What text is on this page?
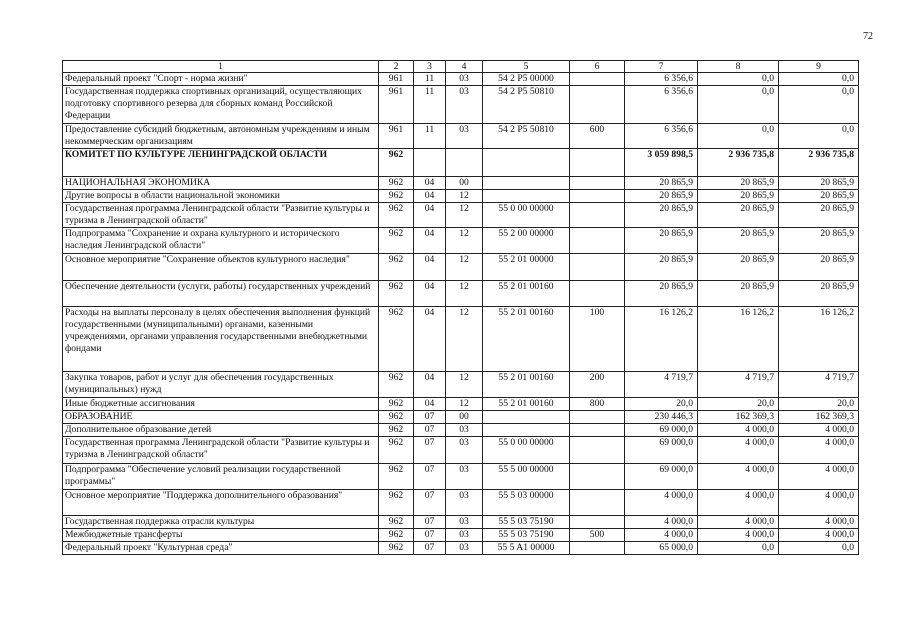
72
1	2	3	4	5	6	7	8	9
Федеральный проект "Спорт - норма жизни"	961	11	03	54 2 P5 00000		6 356,6	0,0	0,0
Государственная поддержка спортивных организаций, осуществляющих подготовку спортивного резерва для сборных команд Российской Федерации	961	11	03	54 2 P5 50810		6 356,6	0,0	0,0
Предоставление субсидий бюджетным, автономным учреждениям и иным некоммерческим организациям	961	11	03	54 2 P5 50810	600	6 356,6	0,0	0,0
КОМИТЕТ ПО КУЛЬТУРЕ ЛЕНИНГРАДСКОЙ ОБЛАСТИ	962					3 059 898,5	2 936 735,8	2 936 735,8
НАЦИОНАЛЬНАЯ ЭКОНОМИКА	962	04	00			20 865,9	20 865,9	20 865,9
Другие вопросы в области национальной экономики	962	04	12			20 865,9	20 865,9	20 865,9
Государственная программа Ленинградской области "Развитие культуры и туризма в Ленинградской области"	962	04	12	55 0 00 00000		20 865,9	20 865,9	20 865,9
Подпрограмма "Сохранение и охрана культурного и исторического наследия Ленинградской области"	962	04	12	55 2 00 00000		20 865,9	20 865,9	20 865,9
Основное мероприятие "Сохранение объектов культурного наследия"	962	04	12	55 2 01 00000		20 865,9	20 865,9	20 865,9
Обеспечение деятельности (услуги, работы) государственных учреждений	962	04	12	55 2 01 00160		20 865,9	20 865,9	20 865,9
Расходы на выплаты персоналу в целях обеспечения выполнения функций государственными (муниципальными) органами, казенными учреждениями, органами управления государственными внебюджетными фондами	962	04	12	55 2 01 00160	100	16 126,2	16 126,2	16 126,2
Закупка товаров, работ и услуг для обеспечения государственных (муниципальных) нужд	962	04	12	55 2 01 00160	200	4 719,7	4 719,7	4 719,7
Иные бюджетные ассигнования	962	04	12	55 2 01 00160	800	20,0	20,0	20,0
ОБРАЗОВАНИЕ	962	07	00			230 446,3	162 369,3	162 369,3
Дополнительное образование детей	962	07	03			69 000,0	4 000,0	4 000,0
Государственная программа Ленинградской области "Развитие культуры и туризма в Ленинградской области"	962	07	03	55 0 00 00000		69 000,0	4 000,0	4 000,0
Подпрограмма "Обеспечение условий реализации государственной программы"	962	07	03	55 5 00 00000		69 000,0	4 000,0	4 000,0
Основное мероприятие "Поддержка дополнительного образования"	962	07	03	55 5 03 00000		4 000,0	4 000,0	4 000,0
Государственная поддержка отрасли культуры	962	07	03	55 5 03 75190		4 000,0	4 000,0	4 000,0
Межбюджетные трансферты	962	07	03	55 5 03 75190	500	4 000,0	4 000,0	4 000,0
Федеральный проект "Культурная среда"	962	07	03	55 5 A1 00000		65 000,0	0,0	0,0
